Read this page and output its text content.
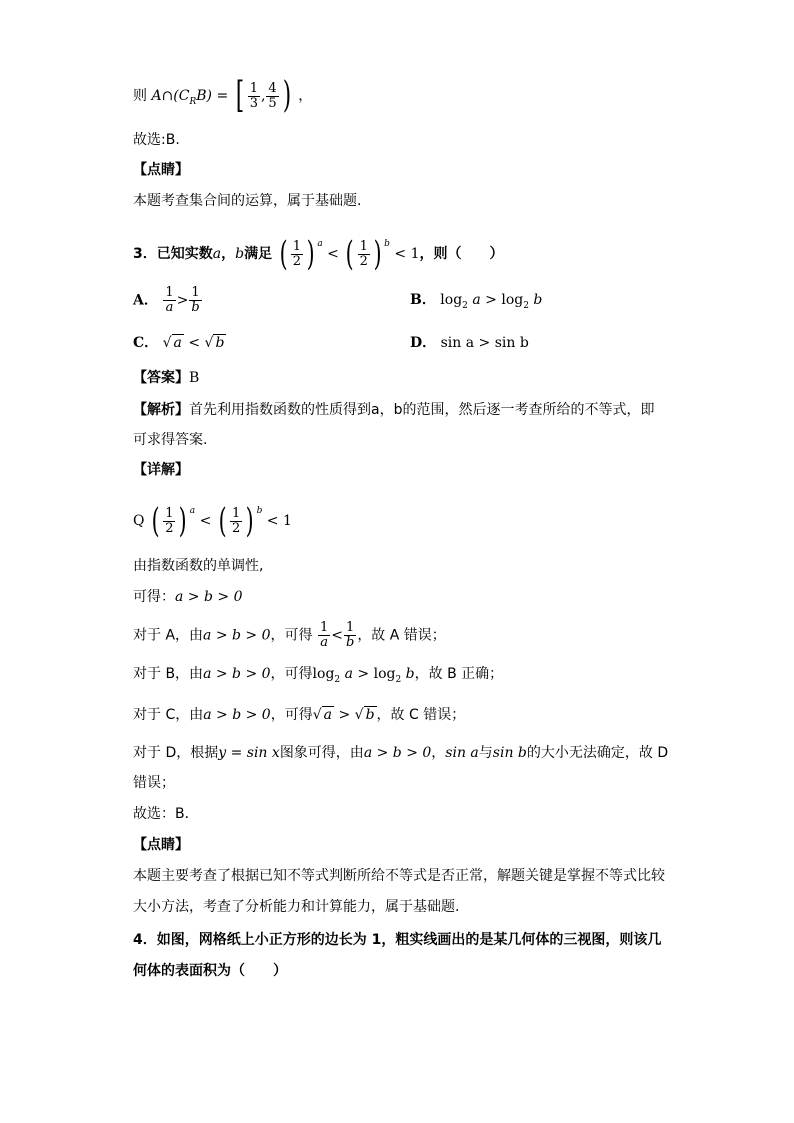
则 $A\cap(C_RB)$ = [ $\frac{1}{3}$ , $\frac{4}{5}$ ) ，
故选:B.
【点睛】
本题考查集合间的运算，属于基础题.
3．已知实数a，b满足 ( $\frac{1}{2}$ ) $^a$ < ( $\frac{1}{2}$ ) $^b$ < 1，则（　　）
A． $\frac{1}{a} > \frac{1}{b}$	B． $\log_2 a > \log_2 b$
C． √ a < √ b	D． sin a > sin b
【答案】B
【解析】首先利用指数函数的性质得到a，b的范围，然后逐一考查所给的不等式，即
可求得答案.
【详解】
Q ( $\frac{1}{2}$ ) $^a$ < ( $\frac{1}{2}$ ) $^b$ < 1
由指数函数的单调性,
可得：a > b > 0
对于 A，由a > b > 0，可得 $\frac{1}{a} < \frac{1}{b}$ ，故 A 错误；
对于 B，由a > b > 0，可得$\log_2 a > \log_2 b$，故 B 正确；
对于 C，由a > b > 0，可得√ a > √ b ，故 C 错误；
对于 D，根据y = sin x图象可得，由a > b > 0，sin a与sin b的大小无法确定，故 D
错误；
故选：B．
【点睛】
本题主要考查了根据已知不等式判断所给不等式是否正常，解题关键是掌握不等式比较
大小方法，考查了分析能力和计算能力，属于基础题.
4．如图，网格纸上小正方形的边长为 1，粗实线画出的是某几何体的三视图，则该几
何体的表面积为（　　）
